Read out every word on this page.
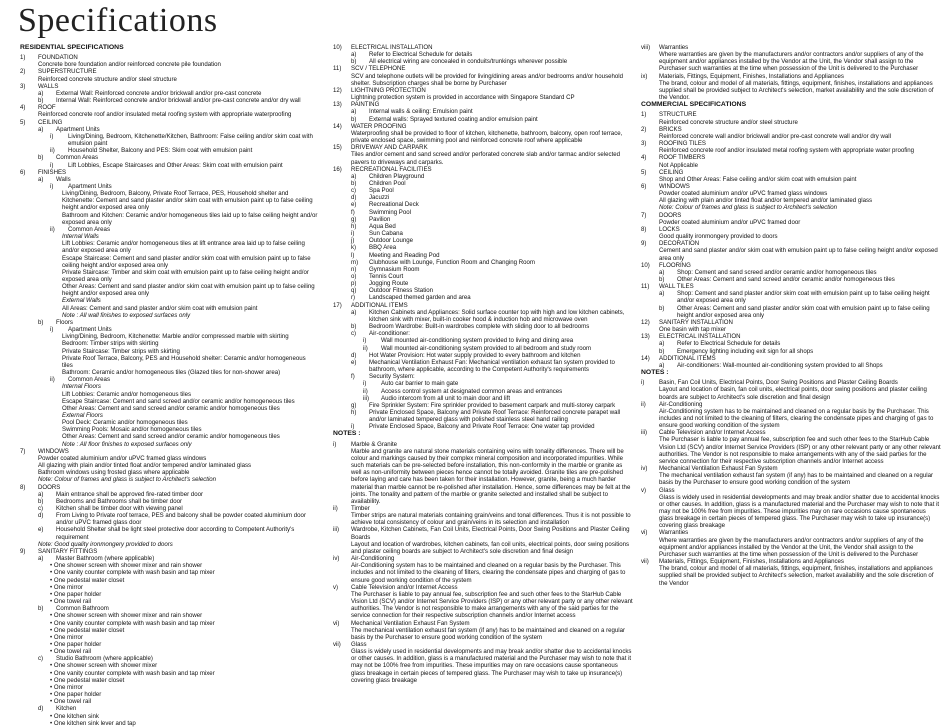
Specifications
RESIDENTIAL SPECIFICATIONS
1)	FOUNDATION
Concrete bore foundation and/or reinforced concrete pile foundation
2)	SUPERSTRUCTURE
Reinforced concrete structure and/or steel structure
3)	WALLS
a)	External Wall: Reinforced concrete and/or brickwall and/or pre-cast concrete
b)	Internal Wall: Reinforced concrete and/or brickwall and/or pre-cast concrete and/or dry wall
4)	ROOF
Reinforced concrete roof and/or insulated metal roofing system with appropriate waterproofing
5)	CEILING
a)	Apartment Units
i)	Living/Dining, Bedroom, Kitchenette/Kitchen, Bathroom: False ceiling and/or skim coat with emulsion paint
ii)	Household Shelter, Balcony and PES: Skim coat with emulsion paint
b)	Common Areas
i)	Lift Lobbies, Escape Staircases and Other Areas: Skim coat with emulsion paint
6)	FINISHES
a)	Walls
i)	Apartment Units
Living/Dining, Bedroom, Balcony, Private Roof Terrace, PES, Household shelter and Kitchenette: Cement and sand plaster and/or skim coat with emulsion paint up to false ceiling height and/or exposed area only
Bathroom and Kitchen: Ceramic and/or homogeneous tiles laid up to false ceiling height and/or exposed area only
ii)	Common Areas
Internal Walls
Lift Lobbies: Ceramic and/or homogeneous tiles at lift entrance area laid up to false ceiling and/or exposed area only
Escape Staircase: Cement and sand plaster and/or skim coat with emulsion paint up to false ceiling height and/or exposed area only
Private Staircase: Timber and skim coat with emulsion paint up to false ceiling height and/or exposed area only
Other Areas: Cement and sand plaster and/or skim coat with emulsion paint up to false ceiling height and/or exposed area only
External Walls
All Areas: Cement and sand plaster and/or skim coat with emulsion paint
Note : All wall finishes to exposed surfaces only
b)	Floors
i)	Apartment Units
Living/Dining, Bedroom, Kitchenette: Marble and/or compressed marble with skirting
Bedroom: Timber strips with skirting
Private Staircase: Timber strips with skirting
Private Roof Terrace, Balcony, PES and Household shelter: Ceramic and/or homogeneous tiles
Bathroom: Ceramic and/or homogeneous tiles (Glazed tiles for non-shower area)
ii)	Common Areas
Internal Floors
Lift Lobbies: Ceramic and/or homogeneous tiles
Escape Staircase: Cement and sand screed and/or ceramic and/or homogeneous tiles
Other Areas: Cement and sand screed and/or ceramic and/or homogeneous tiles
External Floors
Pool Deck: Ceramic and/or homogeneous tiles
Swimming Pools: Mosaic and/or homogeneous tiles
Other Areas: Cement and sand screed and/or ceramic and/or homogeneous tiles
Note : All floor finishes to exposed surfaces only
7)	WINDOWS
Powder coated aluminium and/or uPVC framed glass windows
All glazing with plain and/or tinted float and/or tempered and/or laminated glass
Bathroom windows using frosted glass where applicable
Note: Colour of frames and glass is subject to Architect's selection
8)	DOORS
a)	Main entrance shall be approved fire-rated timber door
b)	Bedrooms and Bathrooms shall be timber door
c)	Kitchen shall be timber door with viewing panel
d)	From Living to Private roof terrace, PES and balcony shall be powder coated aluminium door and/or uPVC framed glass door
e)	Household Shelter shall be light steel protective door according to Competent Authority's requirement
Note: Good quality ironmongery provided to doors
9)	SANITARY FITTINGS
a)	Master Bathroom (where applicable)
• One shower screen with shower mixer and rain shower
• One vanity counter complete with wash basin and tap mixer
• One pedestal water closet
• One mirror
• One paper holder
• One towel rail
b)	Common Bathroom
• One shower screen with shower mixer and rain shower
• One vanity counter complete with wash basin and tap mixer
• One pedestal water closet
• One mirror
• One paper holder
• One towel rail
c)	Studio Bathroom (where applicable)
• One shower screen with shower mixer
• One vanity counter complete with wash basin and tap mixer
• One pedestal water closet
• One mirror
• One paper holder
• One towel rail
d)	Kitchen
• One kitchen sink
• One kitchen sink lever and tap
10)	ELECTRICAL INSTALLATION
a)	Refer to Electrical Schedule for details
b)	All electrical wiring are concealed in conduits/trunkings wherever possible
11)	SCV / TELEPHONE
SCV and telephone outlets will be provided for living/dining areas and/or bedrooms and/or household shelter. Subscription charges shall be borne by Purchaser
12)	LIGHTNING PROTECTION
Lightning protection system is provided in accordance with Singapore Standard CP
13)	PAINTING
a)	Internal walls & ceiling: Emulsion paint
b)	External walls: Sprayed textured coating and/or emulsion paint
14)	WATER PROOFING
Waterproofing shall be provided to floor of kitchen, kitchenette, bathroom, balcony, open roof terrace, private enclosed space, swimming pool and reinforced concrete roof where applicable
15)	DRIVEWAY AND CARPARK
Tiles and/or cement and sand screed and/or perforated concrete slab and/or tarmac and/or selected pavers to driveways and carparks.
16)	RECREATIONAL FACILITIES
a)	Children Playground
b)	Children Pool
c)	Spa Pool
d)	Jacuzzi
e)	Recreational Deck
f)	Swimming Pool
g)	Pavilion
h)	Aqua Bed
i)	Sun Cabana
j)	Outdoor Lounge
k)	BBQ Area
l)	Meeting and Reading Pod
m)	Clubhouse with Lounge, Function Room and Changing Room
n)	Gymnasium Room
o)	Tennis Court
p)	Jogging Route
q)	Outdoor Fitness Station
r)	Landscaped themed garden and area
17)	ADDITIONAL ITEMS
a)	Kitchen Cabinets and Appliances: Solid surface counter top with high and low kitchen cabinets, kitchen sink with mixer, built-in cooker hood & induction hob and microwave oven
b)	Bedroom Wardrobe: Built-in wardrobes complete with sliding door to all bedrooms
c)	Air-conditioner:
i)	Wall mounted air-conditioning system provided to living and dining area
ii)	Wall mounted air-conditioning system provided to all bedroom and study room
d)	Hot Water Provision: Hot water supply provided to every bathroom and kitchen
e)	Mechanical Ventilation Exhaust Fan: Mechanical ventilation exhaust fan system provided to bathroom, where applicable, according to the Competent Authority's requirements
f)	Security System:
i)	Auto car barrier to main gate
ii)	Access control system at designated common areas and entrances
iii)	Audio intercom from all unit to main door and lift
g)	Fire Sprinkler System: Fire sprinkler provided to basement carpark and multi-storey carpark
h)	Private Enclosed Space, Balcony and Private Roof Terrace: Reinforced concrete parapet wall and/or laminated tempered glass with polished stainless steel hand railing
i)	Private Enclosed Space, Balcony and Private Roof Terrace: One water tap provided
NOTES :
i)	Marble & Granite
Marble and granite are natural stone materials containing veins with tonality differences. There will be colour and markings caused by their complex mineral composition and incorporated impurities. While such materials can be pre-selected before installation, this non-conformity in the marble or granite as well as non-uniformity between pieces hence cannot be totally avoided. Granite tiles are pre-polished before laying and care has been taken for their installation. However, granite, being a much harder material than marble cannot be re-polished after installation. Hence, some differences may be felt at the joints. The tonality and pattern of the marble or granite selected and installed shall be subject to availability.
ii)	Timber
Timber strips are natural materials containing grain/veins and tonal differences. Thus it is not possible to achieve total consistency of colour and grain/veins in its selection and installation
iii)	Wardrobe, Kitchen Cabinets, Fan Coil Units, Electrical Points, Door Swing Positions and Plaster Ceiling Boards
Layout and location of wardrobes, kitchen cabinets, fan coil units, electrical points, door swing positions and plaster ceiling boards are subject to Architect's sole discretion and final design
iv)	Air-Conditioning
Air-Conditioning system has to be maintained and cleaned on a regular basis by the Purchaser. This includes and not limited to the cleaning of filters, clearing the condensate pipes and charging of gas to ensure good working condition of the system
v)	Cable Television and/or Internet Access
The Purchaser is liable to pay annual fee, subscription fee and such other fees to the StarHub Cable Vision Ltd (SCV) and/or Internet Service Providers (ISP) or any other relevant party or any other relevant authorities. The Vendor is not responsible to make arrangements with any of the said parties for the service connection for their respective subscription channels and/or Internet access
vi)	Mechanical Ventilation Exhaust Fan System
The mechanical ventilation exhaust fan system (if any) has to be maintained and cleaned on a regular basis by the Purchaser to ensure good working condition of the system
vii)	Glass
Glass is widely used in residential developments and may break and/or shatter due to accidental knocks or other causes. In addition, glass is a manufactured material and the Purchaser may wish to note that it may not be 100% free from impurities. These impurities may on rare occasions cause spontaneous glass breakage in certain pieces of tempered glass. The Purchaser may wish to take up insurance(s) covering glass breakage
viii)	Warranties
Where warranties are given by the manufacturers and/or contractors and/or suppliers of any of the equipment and/or appliances installed by the Vendor at the Unit, the Vendor shall assign to the Purchaser such warranties at the time when possession of the Unit is delivered to the Purchaser
ix)	Materials, Fittings, Equipment, Finishes, Installations and Appliances
The brand, colour and model of all materials, fittings, equipment, finishes, installations and appliances supplied shall be provided subject to Architect's selection, market availability and the sole discretion of the Vendor.
COMMERCIAL SPECIFICATIONS
1)	STRUCTURE
Reinforced concrete structure and/or steel structure
2)	BRICKS
Reinforced concrete wall and/or brickwall and/or pre-cast concrete wall and/or dry wall
3)	ROOFING TILES
Reinforced concrete roof and/or insulated metal roofing system with appropriate water proofing
4)	ROOF TIMBERS
Not Applicable
5)	CEILING
Shop and Other Areas: False ceiling and/or skim coat with emulsion paint
6)	WINDOWS
Powder coated aluminium and/or uPVC framed glass windows
All glazing with plain and/or tinted float and/or tempered and/or laminated glass
Note: Colour of frames and glass is subject to Architect's selection
7)	DOORS
Powder coated aluminium and/or uPVC framed door
8)	LOCKS
Good quality ironmongery provided to doors
9)	DECORATION
Cement and sand plaster and/or skim coat with emulsion paint up to false ceiling height and/or exposed area only
10)	FLOORING
a)	Shop: Cement and sand screed and/or ceramic and/or homogeneous tiles
b)	Other Areas: Cement and sand screed and/or ceramic and/or homogeneous tiles
11)	WALL TILES
a)	Shop: Cement and sand plaster and/or skim coat with emulsion paint up to false ceiling height and/or exposed area only
b)	Other Areas: Cement and sand plaster and/or skim coat with emulsion paint up to false ceiling height and/or exposed area only
12)	SANITARY INSTALLATION
One basin with tap mixer
13)	ELECTRICAL INSTALLATION
a)	Refer to Electrical Schedule for details
b)	Emergency lighting including exit sign for all shops
14)	ADDITIONAL ITEMS
a)	Air-conditioners: Wall-mounted air-conditioning system provided to all Shops
NOTES :
i)	Basin, Fan Coil Units, Electrical Points, Door Swing Positions and Plaster Ceiling Boards
Layout and location of basin, fan coil units, electrical points, door swing positions and plaster ceiling boards are subject to Architect's sole discretion and final design
ii)	Air-Conditioning
Air-Conditioning system has to be maintained and cleaned on a regular basis by the Purchaser. This includes and not limited to the cleaning of filters, clearing the condensate pipes and charging of gas to ensure good working condition of the system
iii)	Cable Television and/or Internet Access
The Purchaser is liable to pay annual fee, subscription fee and such other fees to the StarHub Cable Vision Ltd (SCV) and/or Internet Service Providers (ISP) or any other relevant party or any other relevant authorities. The Vendor is not responsible to make arrangements with any of the said parties for the service connection for their respective subscription channels and/or Internet access
iv)	Mechanical Ventilation Exhaust Fan System
The mechanical ventilation exhaust fan system (if any) has to be maintained and cleaned on a regular basis by the Purchaser to ensure good working condition of the system
v)	Glass
Glass is widely used in residential developments and may break and/or shatter due to accidental knocks or other causes. In addition, glass is a manufactured material and the Purchaser may wish to note that it may not be 100% free from impurities. These impurities may on rare occasions cause spontaneous glass breakage in certain pieces of tempered glass. The Purchaser may wish to take up insurance(s) covering glass breakage
vi)	Warranties
Where warranties are given by the manufacturers and/or contractors and/or suppliers of any of the equipment and/or appliances installed by the Vendor at the Unit, the Vendor shall assign to the Purchaser such warranties at the time when possession of the Unit is delivered to the Purchaser
vii)	Materials, Fittings, Equipment, Finishes, Installations and Appliances
The brand, colour and model of all materials, fittings, equipment, finishes, installations and appliances supplied shall be provided subject to Architect's selection, market availability and the sole discretion of the Vendor
